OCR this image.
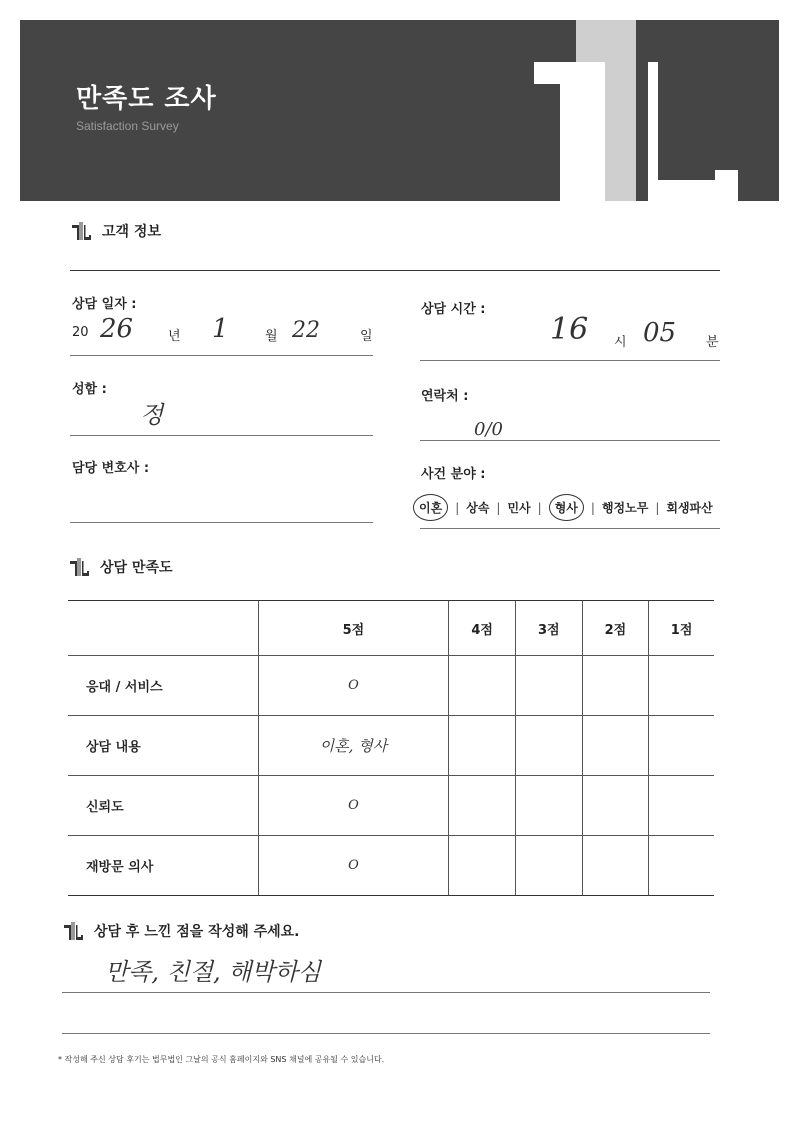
만족도 조사
Satisfaction Survey
고객 정보
상담 일자 :
20 26	년 1	월 22	일
상담 시간 :
16 시 05 분
성함 :
정
연락처 :
0/0
담당 변호사 :	사건 분야 :
이혼	| 상속 | 민사 |	형사	| 행정노무 | 회생파산
상담 만족도
	5점	4점	3점	2점	1점
응대 / 서비스	O				
상담 내용	이혼, 형사				
신뢰도	O				
재방문 의사	O				
상담 후 느낀 점을 작성해 주세요.
만족, 친절, 해박하심
* 작성해 주신 상담 후기는 법무법인 그날의 공식 홈페이지와 SNS 채널에 공유될 수 있습니다.
